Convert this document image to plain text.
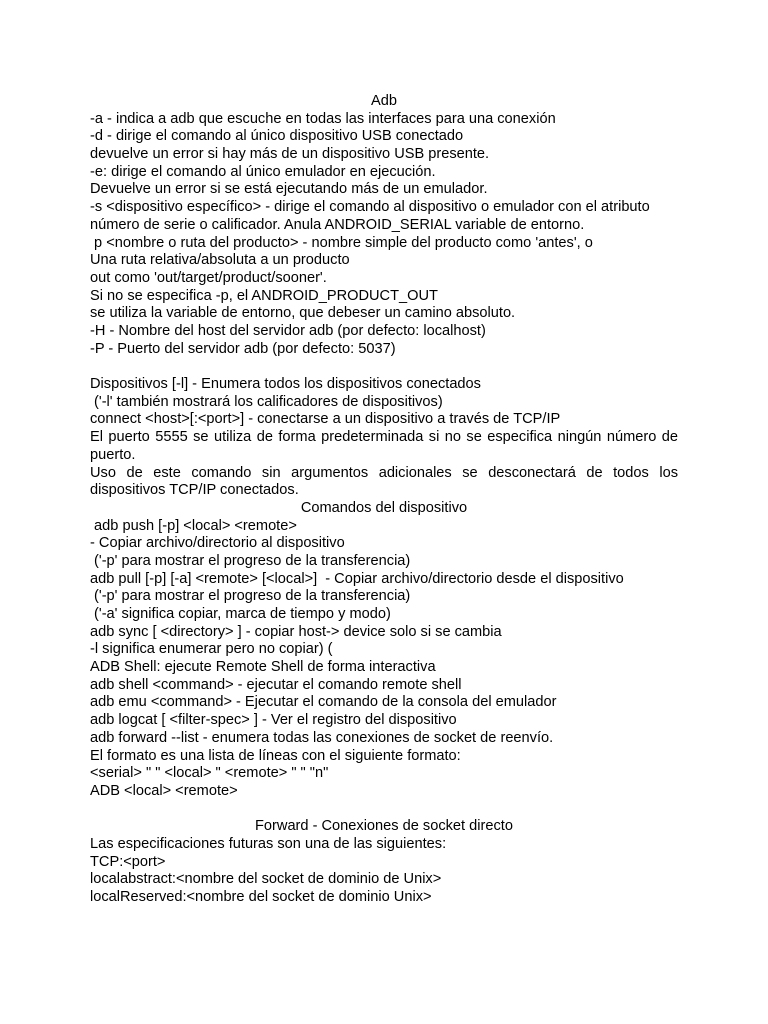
Adb
-a - indica a adb que escuche en todas las interfaces para una conexión
-d - dirige el comando al único dispositivo USB conectado
devuelve un error si hay más de un dispositivo USB presente.
-e: dirige el comando al único emulador en ejecución.
Devuelve un error si se está ejecutando más de un emulador.
-s <dispositivo específico> - dirige el comando al dispositivo o emulador con el atributo número de serie o calificador. Anula ANDROID_SERIAL variable de entorno.
p <nombre o ruta del producto> - nombre simple del producto como 'antes', o
Una ruta relativa/absoluta a un producto
out como 'out/target/product/sooner'.
Si no se especifica -p, el ANDROID_PRODUCT_OUT
se utiliza la variable de entorno, que debeser un camino absoluto.
-H - Nombre del host del servidor adb (por defecto: localhost)
-P - Puerto del servidor adb (por defecto: 5037)
Dispositivos [-l] - Enumera todos los dispositivos conectados
('-l' también mostrará los calificadores de dispositivos)
connect <host>[:<port>] - conectarse a un dispositivo a través de TCP/IP
El puerto 5555 se utiliza de forma predeterminada si no se especifica ningún número de puerto.
Uso de este comando sin argumentos adicionales se desconectará de todos los dispositivos TCP/IP conectados.
Comandos del dispositivo
adb push [-p] <local> <remote>
- Copiar archivo/directorio al dispositivo
('-p' para mostrar el progreso de la transferencia)
adb pull [-p] [-a] <remote> [<local>]  - Copiar archivo/directorio desde el dispositivo
('-p' para mostrar el progreso de la transferencia)
('-a' significa copiar, marca de tiempo y modo)
adb sync [ <directory> ] - copiar host-> device solo si se cambia
-l significa enumerar pero no copiar) (
ADB Shell: ejecute Remote Shell de forma interactiva
adb shell <command> - ejecutar el comando remote shell
adb emu <command> - Ejecutar el comando de la consola del emulador
adb logcat [ <filter-spec> ] - Ver el registro del dispositivo
adb forward --list - enumera todas las conexiones de socket de reenvío.
El formato es una lista de líneas con el siguiente formato:
<serial> " " <local> " <remote> " " "n"
ADB <local> <remote>
Forward - Conexiones de socket directo
Las especificaciones futuras son una de las siguientes:
TCP:<port>
localabstract:<nombre del socket de dominio de Unix>
localReserved:<nombre del socket de dominio Unix>
